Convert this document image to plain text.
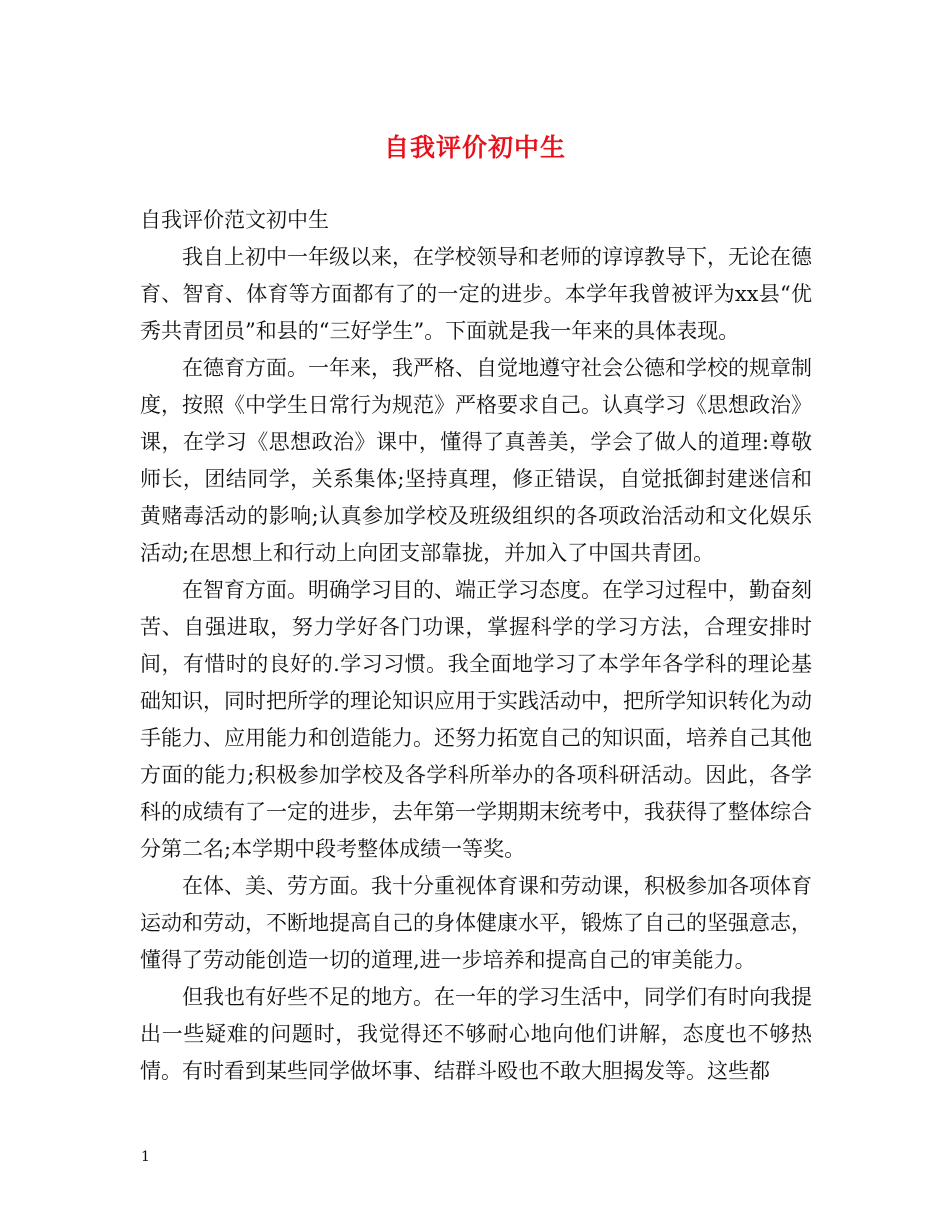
自我评价初中生
自我评价范文初中生

我自上初中一年级以来，在学校领导和老师的谆谆教导下，无论在德育、智育、体育等方面都有了的一定的进步。本学年我曾被评为xx县“优秀共青团员”和县的“三好学生”。下面就是我一年来的具体表现。

在德育方面。一年来，我严格、自觉地遵守社会公德和学校的规章制度，按照《中学生日常行为规范》严格要求自己。认真学习《思想政治》课，在学习《思想政治》课中，懂得了真善美，学会了做人的道理:尊敬师长，团结同学，关系集体;坚持真理，修正错误，自觉抵御封建迷信和黄赌毒活动的影响;认真参加学校及班级组织的各项政治活动和文化娱乐活动;在思想上和行动上向团支部靠拢，并加入了中国共青团。

在智育方面。明确学习目的、端正学习态度。在学习过程中，勤奋刻苦、自强进取，努力学好各门功课，掌握科学的学习方法，合理安排时间，有惜时的良好的.学习习惯。我全面地学习了本学年各学科的理论基础知识，同时把所学的理论知识应用于实践活动中，把所学知识转化为动手能力、应用能力和创造能力。还努力拓宽自己的知识面，培养自己其他方面的能力;积极参加学校及各学科所举办的各项科研活动。因此，各学科的成绩有了一定的进步，去年第一学期期末统考中，我获得了整体综合分第二名;本学期中段考整体成绩一等奖。

在体、美、劳方面。我十分重视体育课和劳动课，积极参加各项体育运动和劳动，不断地提高自己的身体健康水平，锻炼了自己的坚强意志，懂得了劳动能创造一切的道理,进一步培养和提高自己的审美能力。

但我也有好些不足的地方。在一年的学习生活中，同学们有时向我提出一些疑难的问题时，我觉得还不够耐心地向他们讲解，态度也不够热情。有时看到某些同学做坏事、结群斗殴也不敢大胆揭发等。这些都

1
